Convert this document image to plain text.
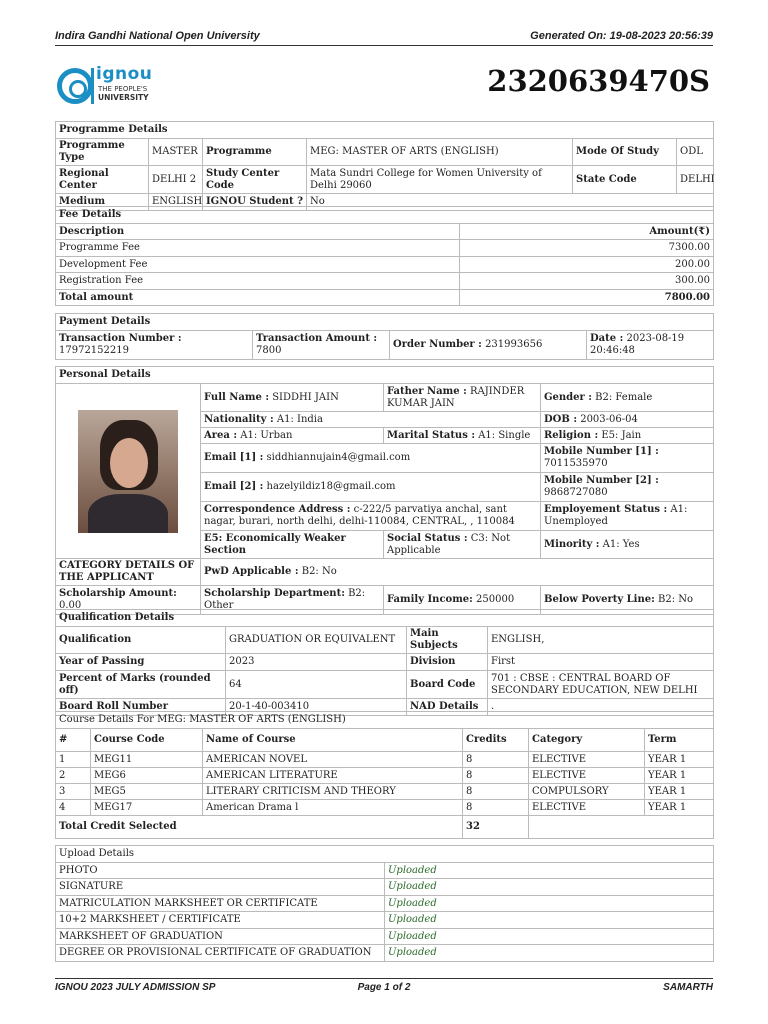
Indira Gandhi National Open University	Generated On: 19-08-2023 20:56:39
ignou
THE PEOPLE'S
UNIVERSITY	2320639470S
Programme Details					
Programme Type	MASTER	Programme	MEG: MASTER OF ARTS (ENGLISH)	Mode Of Study	ODL
Regional Center	DELHI 2	Study Center Code	Mata Sundri College for Women University of Delhi 29060	State Code	DELHI
Medium	ENGLISH	IGNOU Student ?	No		
Fee Details	
Description	Amount(₹)
Programme Fee	7300.00
Development Fee	200.00
Registration Fee	300.00
Total amount	7800.00
Payment Details
Transaction Number : 17972152219	Transaction Amount : 7800	Order Number : 231993656	Date : 2023-08-19 20:46:48
Personal Details			

	Full Name : SIDDHI JAIN	Father Name : RAJINDER KUMAR JAIN	Gender : B2: Female
	Nationality : A1: India		DOB : 2003-06-04
	Area : A1: Urban	Marital Status : A1: Single	Religion : E5: Jain
	Email [1] : siddhiannujain4@gmail.com		Mobile Number [1] : 7011535970
	Email [2] : hazelyildiz18@gmail.com		Mobile Number [2] : 9868727080
	Correspondence Address : c-222/5 parvatiya anchal, sant nagar, burari, north delhi, delhi-110084, CENTRAL, , 110084		Employement Status : A1: Unemployed
	E5: Economically Weaker Section	Social Status : C3: Not Applicable	Minority : A1: Yes
CATEGORY DETAILS OF THE APPLICANT	PwD Applicable : B2: No		
Scholarship Amount: 0.00	Scholarship Department: B2: Other	Family Income: 250000	Below Poverty Line: B2: No
Qualification Details			
Qualification	GRADUATION OR EQUIVALENT	Main Subjects	ENGLISH,
Year of Passing	2023	Division	First
Percent of Marks (rounded off)	64	Board Code	701 : CBSE : CENTRAL BOARD OF SECONDARY EDUCATION, NEW DELHI
Board Roll Number	20-1-40-003410	NAD Details	.
Course Details For MEG: MASTER OF ARTS (ENGLISH)					
#	Course Code	Name of Course	Credits	Category	Term
1	MEG11	AMERICAN NOVEL	8	ELECTIVE	YEAR 1
2	MEG6	AMERICAN LITERATURE	8	ELECTIVE	YEAR 1
3	MEG5	LITERARY CRITICISM AND THEORY	8	COMPULSORY	YEAR 1
4	MEG17	American Drama l	8	ELECTIVE	YEAR 1
Total Credit Selected			32		
Upload Details	
PHOTO	Uploaded
SIGNATURE	Uploaded
MATRICULATION MARKSHEET OR CERTIFICATE	Uploaded
10+2 MARKSHEET / CERTIFICATE	Uploaded
MARKSHEET OF GRADUATION	Uploaded
DEGREE OR PROVISIONAL CERTIFICATE OF GRADUATION	Uploaded
IGNOU 2023 JULY ADMISSION SP	Page 1 of 2	SAMARTH
